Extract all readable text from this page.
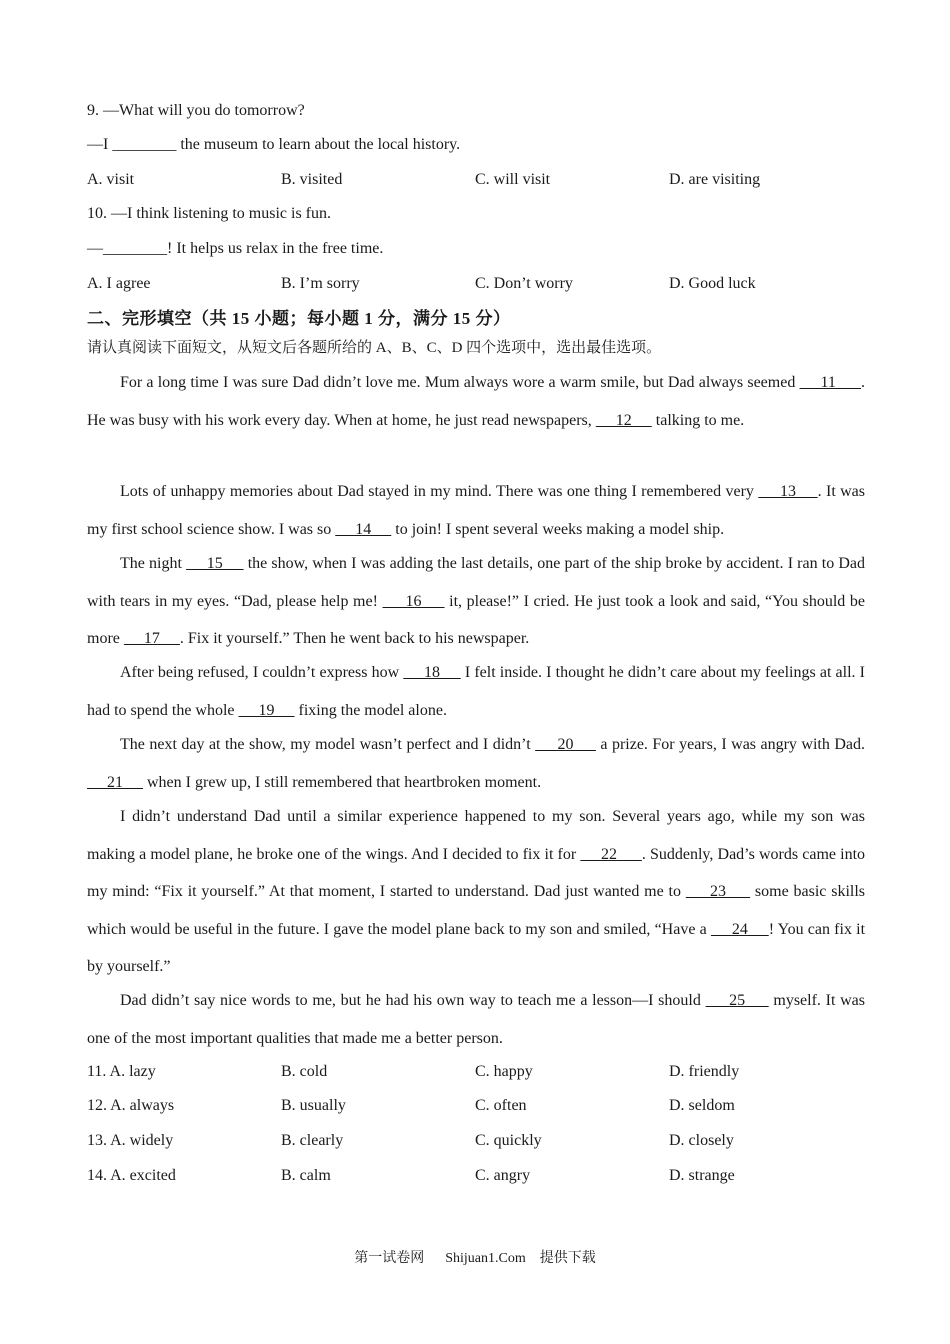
9. —What will you do tomorrow?
—I ________ the museum to learn about the local history.
A. visit	B. visited	C. will visit	D. are visiting
10. —I think listening to music is fun.
—________! It helps us relax in the free time.
A. I agree	B. I’m sorry	C. Don’t worry	D. Good luck
二、完形填空（共 15 小题；每小题 1 分，满分 15 分）
请认真阅读下面短文，从短文后各题所给的 A、B、C、D 四个选项中，选出最佳选项。

For a long time I was sure Dad didn’t love me. Mum always wore a warm smile, but Dad always seemed      11      . He was busy with his work every day. When at home, he just read newspapers,      12      talking to me.

Lots of unhappy memories about Dad stayed in my mind. There was one thing I remembered very      13     . It was my first school science show. I was so      14      to join! I spent several weeks making a model ship.

The night      15      the show, when I was adding the last details, one part of the ship broke by accident. I ran to Dad with tears in my eyes. “Dad, please help me!      16      it, please!” I cried. He just took a look and said, “You should be more      17     . Fix it yourself.” Then he went back to his newspaper.

After being refused, I couldn’t express how      18      I felt inside. I thought he didn’t care about my feelings at all. I had to spend the whole      19      fixing the model alone.

The next day at the show, my model wasn’t perfect and I didn’t      20      a prize. For years, I was angry with Dad.      21      when I grew up, I still remembered that heartbroken moment.

I didn’t understand Dad until a similar experience happened to my son. Several years ago, while my son was making a model plane, he broke one of the wings. And I decided to fix it for      22      . Suddenly, Dad’s words came into my mind: “Fix it yourself.” At that moment, I started to understand. Dad just wanted me to      23      some basic skills which would be useful in the future. I gave the model plane back to my son and smiled, “Have a      24     ! You can fix it by yourself.”

Dad didn’t say nice words to me, but he had his own way to teach me a lesson—I should      25      myself. It was one of the most important qualities that made me a better person.

11. A. lazy	B. cold	C. happy	D. friendly
12. A. always	B. usually	C. often	D. seldom
13. A. widely	B. clearly	C. quickly	D. closely
14. A. excited	B. calm	C. angry	D. strange
第一试卷网      Shijuan1.Com    提供下载
